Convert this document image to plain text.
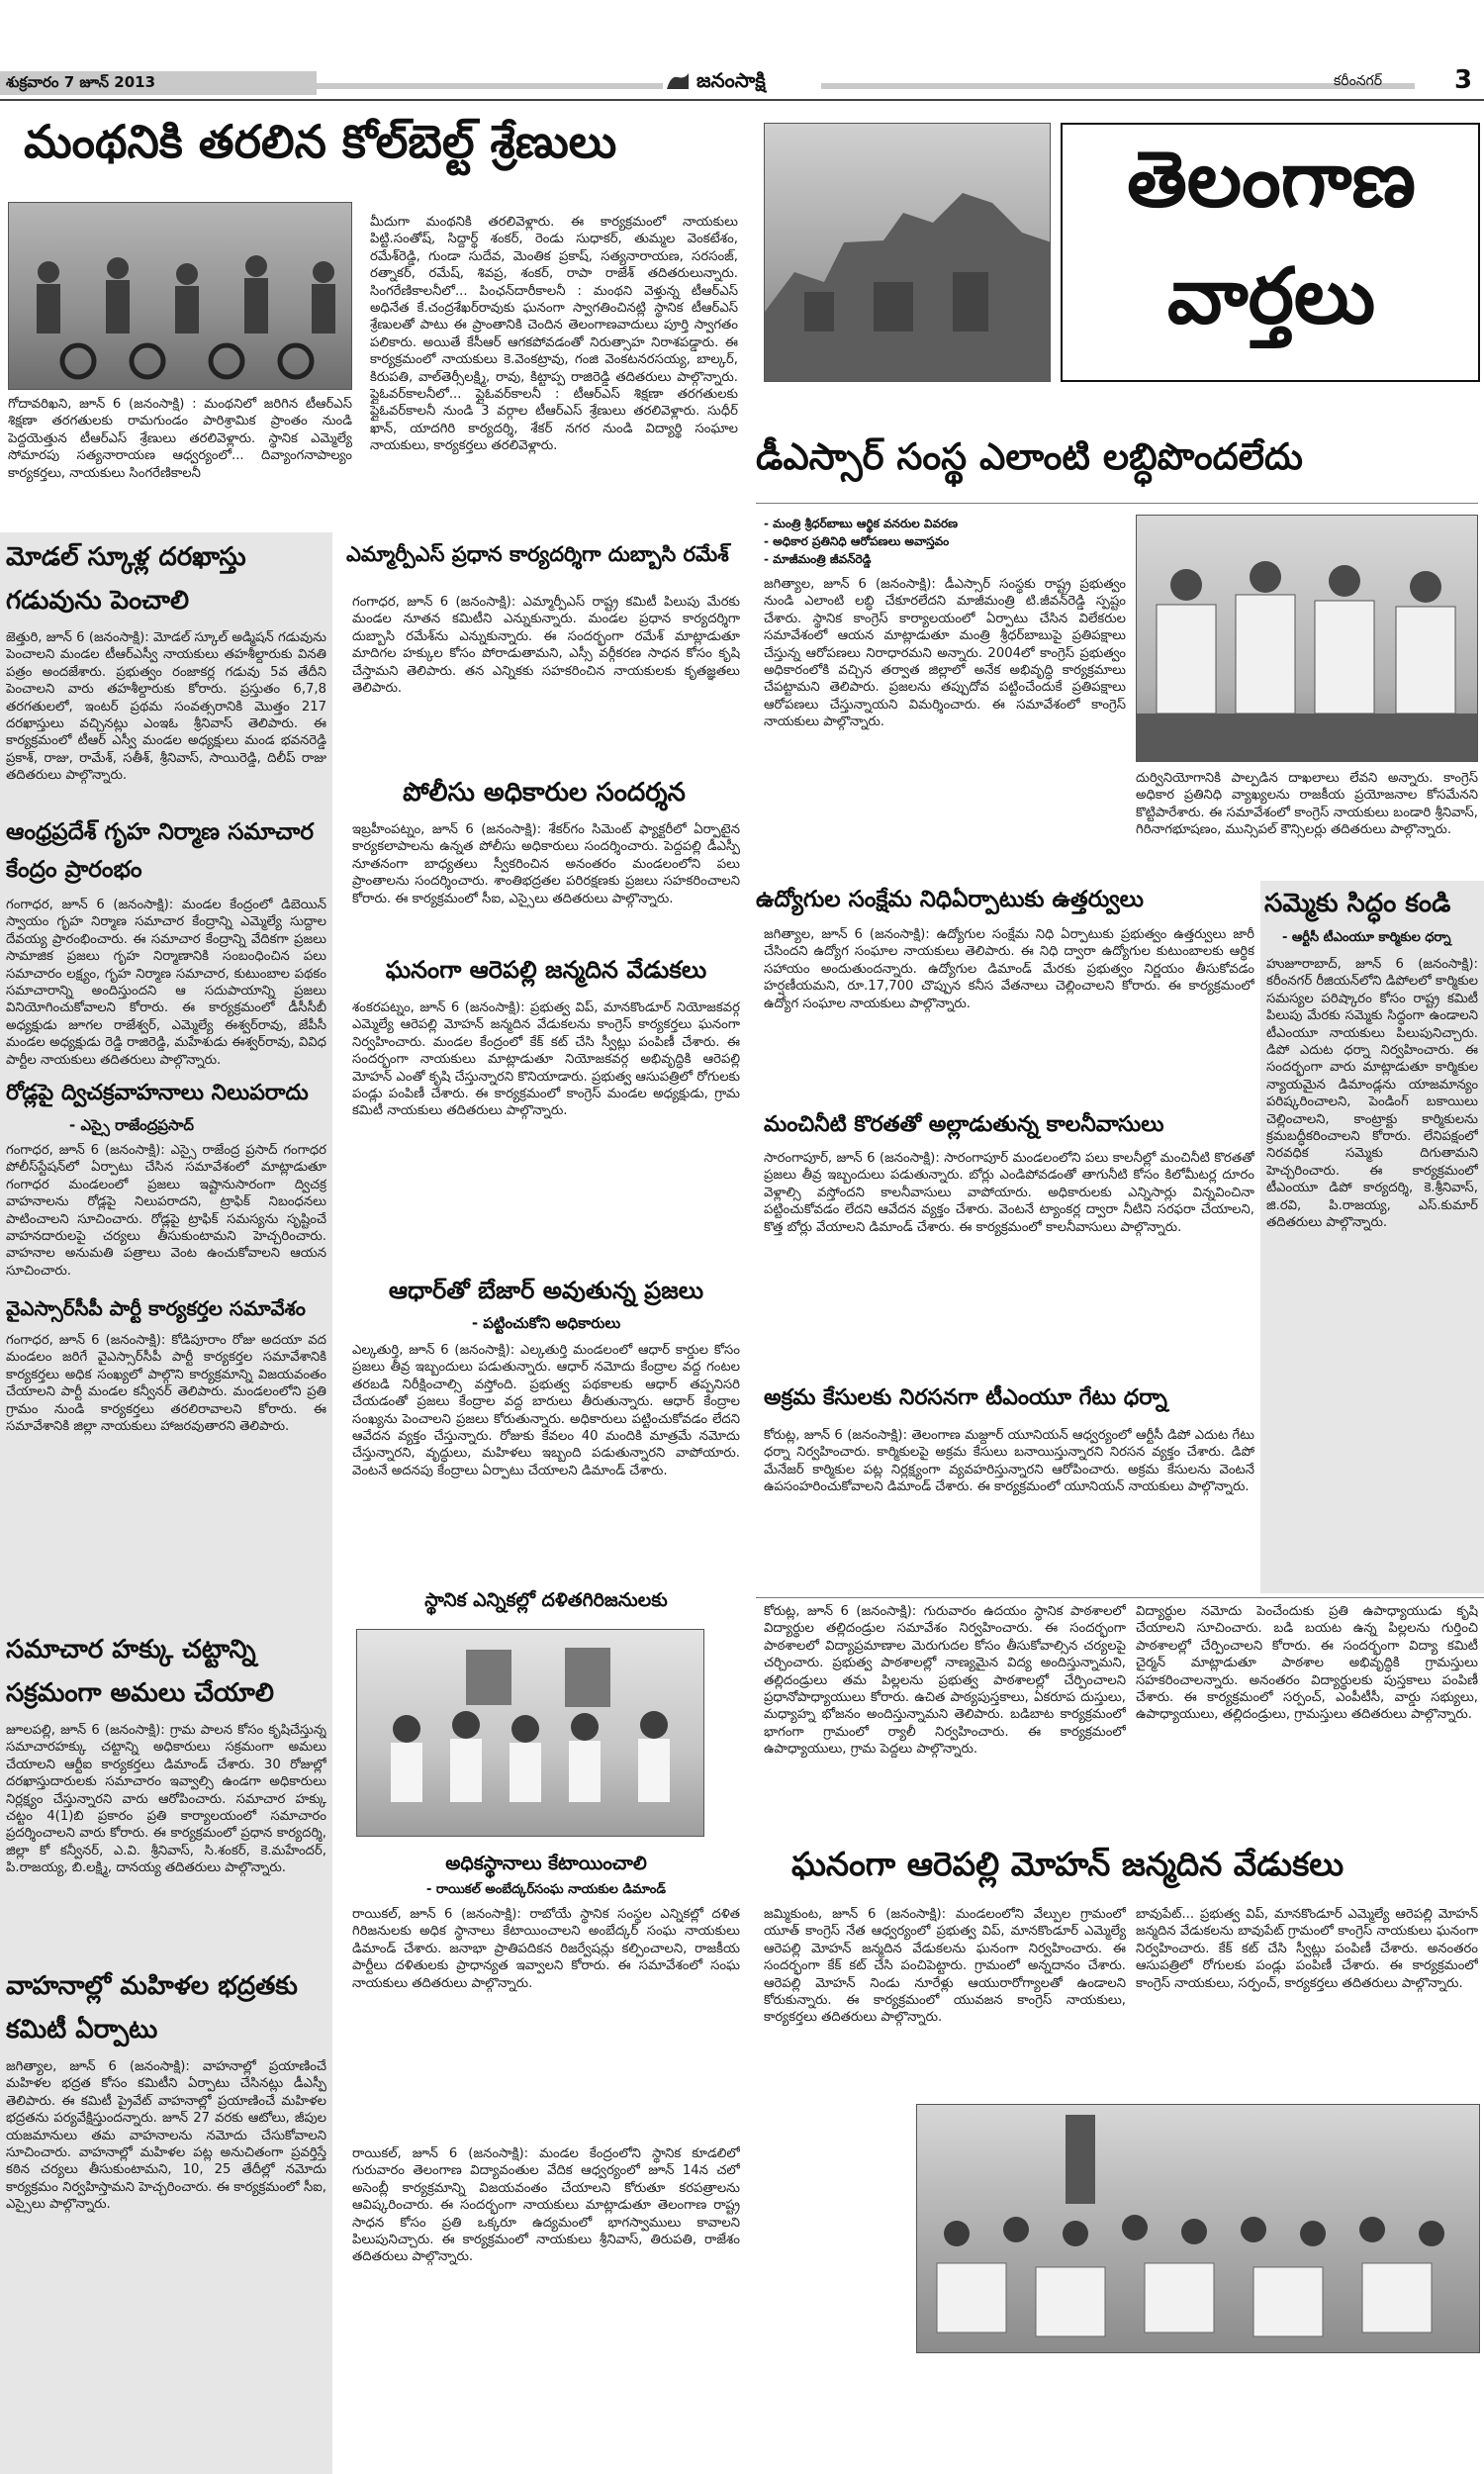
శుక్రవారం 7 జూన్ 2013	జనంసాక్షి	కరీంనగర్	3
మంథనికి తరలిన కోల్‌బెల్ట్‌ శ్రేణులు
గోదావరిఖని, జూన్‌ 6 (జనంసాక్షి) : మంథనిలో జరిగిన టీఆర్‌ఎస్‌ శిక్షణా తరగతులకు రామగుండం పారిశ్రామిక ప్రాంతం నుండి పెద్దయెత్తున టీఆర్‌ఎస్‌ శ్రేణులు తరలివెళ్లారు. స్థానిక ఎమ్మెల్యే సోమారపు సత్యనారాయణ ఆధ్వర్యంలో... దివ్యాంగనాపాల్యం కార్యకర్తలు, నాయకులు సింగరేణికాలనీ
మీదుగా మంథనికి తరలివెళ్లారు. ఈ కార్యక్రమంలో నాయకులు పిట్టి.సంతోష్‌, సిద్దార్థ్‌ శంకర్‌, రెండు సుధాకర్‌, తుమ్మల వెంకటేశం, రమేశ్‌రెడ్డి, గుండా సుదేవ, మెంతిక ప్రకాష్‌, సత్యనారాయణ, సరసంజ్‌, రత్నాకర్‌, రమేష్‌, శివప్ర, శంకర్‌, రాపా రాజేశ్‌ తదితరులున్నారు. సింగరేణికాలనీలో... పింఛన్‌దారీకాలనీ : మంథని వెళ్తున్న టీఆర్‌ఎస్‌ అధినేత కే.చంద్రశేఖర్‌రావుకు ఘనంగా స్వాగతించినట్లి స్థానిక టీఆర్‌ఎస్‌ శ్రేణులతో పాటు ఈ ప్రాంతానికి చెందిన తెలంగాణవాదులు పూర్తి స్వాగతం పలికారు. అయితే కేసీఆర్‌ ఆగకపోవడంతో నిరుత్సాహ నిరాశపడ్డారు. ఈ కార్యక్రమంలో నాయకులు కె.వెంకట్రావు, గంజి వెంకటనరసయ్య, బాల్కర్‌, కిరుపతి, వాల్‌తెర్సీలక్ష్మి, రావు, కిట్టాప్ప రాజిరెడ్డి తదితరులు పాల్గొన్నారు. ప్లైఓవర్‌కాలనీలో... ప్లైఓవర్‌కాలనీ : టీఆర్‌ఎస్‌ శిక్షణా తరగతులకు ప్లైఓవర్‌కాలనీ నుండి 3 వర్గాల టీఆర్‌ఎస్‌ శ్రేణులు తరలివెళ్లారు. సుధీర్‌ ఖాన్‌, యాదగిరి కార్యదర్శి, శేకర్‌ నగర నుండి విద్యార్థి సంఘాల నాయకులు, కార్యకర్తలు తరలివెళ్లారు.
తెలంగాణ
వార్తలు
డీఎస్సార్‌ సంస్థ ఎలాంటి లబ్ధిపొందలేదు
- మంత్రి శ్రీధర్‌బాబు ఆర్థిక వనరుల వివరణ
- అధికార ప్రతినిధి ఆరోపణలు అవాస్తవం
- మాజీమంత్రి జీవన్‌రెడ్డి
జగిత్యాల, జూన్‌ 6 (జనంసాక్షి): డీఎస్సార్‌ సంస్థకు రాష్ట్ర ప్రభుత్వం నుండి ఎలాంటి లబ్ధి చేకూరలేదని మాజీమంత్రి టి.జీవన్‌రెడ్డి స్పష్టం చేశారు. స్థానిక కాంగ్రెస్‌ కార్యాలయంలో ఏర్పాటు చేసిన విలేకరుల సమావేశంలో ఆయన మాట్లాడుతూ మంత్రి శ్రీధర్‌బాబుపై ప్రతిపక్షాలు చేస్తున్న ఆరోపణలు నిరాధారమని అన్నారు. 2004లో కాంగ్రెస్‌ ప్రభుత్వం అధికారంలోకి వచ్చిన తర్వాత జిల్లాలో అనేక అభివృద్ధి కార్యక్రమాలు చేపట్టామని తెలిపారు. ప్రజలను తప్పుదోవ పట్టించేందుకే ప్రతిపక్షాలు ఆరోపణలు చేస్తున్నాయని విమర్శించారు. ఈ సమావేశంలో కాంగ్రెస్‌ నాయకులు పాల్గొన్నారు.
దుర్వినియోగానికి పాల్పడిన దాఖలాలు లేవని అన్నారు. కాంగ్రెస్‌ అధికార ప్రతినిధి వ్యాఖ్యలను రాజకీయ ప్రయోజనాల కోసమేనని కొట్టిపారేశారు. ఈ సమావేశంలో కాంగ్రెస్‌ నాయకులు బండారి శ్రీనివాస్‌, గిరినాగభూషణం, మున్సిపల్‌ కౌన్సిలర్లు తదితరులు పాల్గొన్నారు.
మోడల్‌ స్కూళ్ల దరఖాస్తు
గడువును పెంచాలి
జెత్తురి, జూన్‌ 6 (జనంసాక్షి): మోడల్‌ స్కూల్‌ అడ్మిషన్‌ గడువును పెంచాలని మండల టీఆర్‌ఎస్వీ నాయకులు తహశీల్దారుకు వినతి పత్రం అందజేశారు. ప్రభుత్వం రంజాకర్ల గడువు 5వ తేదీని పెంచాలని వారు తహశీల్దారుకు కోరారు. ప్రస్తుతం 6,7,8 తరగతులలో, ఇంటర్‌ ప్రథమ సంవత్సరానికి మొత్తం 217 దరఖాస్తులు వచ్చినట్లు ఎంఇఓ శ్రీనివాస్‌ తెలిపారు. ఈ కార్యక్రమంలో టీఆర్‌ ఎస్వీ మండల అధ్యక్షులు మండ భవనరెడ్డి ప్రకాశ్‌, రాజు, రామేశ్‌, సతీశ్‌, శ్రీనివాస్‌, సాయిరెడ్డి, దిలీప్‌ రాజు తదితరులు పాల్గొన్నారు.
ఆంధ్రప్రదేశ్‌ గృహ నిర్మాణ సమాచార
కేంద్రం ప్రారంభం
గంగాధర, జూన్‌ 6 (జనంసాక్షి): మండల కేంద్రంలో డిబెయిన్‌ స్వాయం గృహ నిర్మాణ సమాచార కేంద్రాన్ని ఎమ్మెల్యే సుద్దాల దేవయ్య ప్రారంభించారు. ఈ సమాచార కేంద్రాన్ని వేదికగా ప్రజలు సామాజిక ప్రజలు గృహ నిర్మాణానికి సంబంధించిన పలు సమాచారం లక్ష్యం, గృహ నిర్మాణ సమాచార, కుటుంబాల పథకం సమాచారాన్ని అందిస్తుందని ఆ సదుపాయాన్ని ప్రజలు వినియోగించుకోవాలని కోరారు. ఈ కార్యక్రమంలో డీసీసీబీ అధ్యక్షుడు జూగల రాజేశ్వర్‌, ఎమ్మెల్యే ఈశ్వర్‌రావు, జేపీసీ మండల అధ్యక్షుడు రెడ్డి రాజిరెడ్డి, మహేశుడు ఈశ్వర్‌రావు, వివిధ పార్టీల నాయకులు తదితరులు పాల్గొన్నారు.
రోడ్లపై ద్విచక్రవాహనాలు నిలుపరాదు
- ఎస్సై రాజేంద్రప్రసాద్‌
గంగాధర, జూన్‌ 6 (జనంసాక్షి): ఎస్సై రాజేంద్ర ప్రసాద్‌ గంగాధర పోలీస్‌స్టేషన్‌లో ఏర్పాటు చేసిన సమావేశంలో మాట్లాడుతూ గంగాధర మండలంలో ప్రజలు ఇష్టానుసారంగా ద్విచక్ర వాహనాలను రోడ్లపై నిలుపరాదని, ట్రాఫిక్‌ నిబంధనలు పాటించాలని సూచించారు. రోడ్లపై ట్రాఫిక్‌ సమస్యను సృష్టించే వాహనదారులపై చర్యలు తీసుకుంటామని హెచ్చరించారు. వాహనాల అనుమతి పత్రాలు వెంట ఉంచుకోవాలని ఆయన సూచించారు.
వైఎస్సార్‌సీపీ పార్టీ కార్యకర్తల సమావేశం
గంగాధర, జూన్‌ 6 (జనంసాక్షి): కోడిపూరాం రోజు అదయా వద మండలం జరిగే వైఎస్సార్‌సీపీ పార్టీ కార్యకర్తల సమావేశానికి కార్యకర్తలు అధిక సంఖ్యలో పాల్గొని కార్యక్రమాన్ని విజయవంతం చేయాలని పార్టీ మండల కన్వీనర్‌ తెలిపారు. మండలంలోని ప్రతి గ్రామం నుండి కార్యకర్తలు తరలిరావాలని కోరారు. ఈ సమావేశానికి జిల్లా నాయకులు హాజరవుతారని తెలిపారు.
సమాచార హక్కు చట్టాన్ని
సక్రమంగా అమలు చేయాలి
జూలపల్లి, జూన్‌ 6 (జనంసాక్షి): గ్రామ పాలన కోసం కృషిచేస్తున్న సమాచారహక్కు చట్టాన్ని అధికారులు సక్రమంగా అమలు చేయాలని ఆర్టీఐ కార్యకర్తలు డిమాండ్‌ చేశారు. 30 రోజుల్లో దరఖాస్తుదారులకు సమాచారం ఇవ్వాల్సి ఉండగా అధికారులు నిర్లక్ష్యం చేస్తున్నారని వారు ఆరోపించారు. సమాచార హక్కు చట్టం 4(1)బి ప్రకారం ప్రతి కార్యాలయంలో సమాచారం ప్రదర్శించాలని వారు కోరారు. ఈ కార్యక్రమంలో ప్రధాన కార్యదర్శి, జిల్లా కో కన్వీనర్‌, ఎ.వి. శ్రీనివాస్‌, సి.శంకర్‌, కె.మహేందర్‌, పి.రాజయ్య, బి.లక్ష్మి, దానయ్య తదితరులు పాల్గొన్నారు.
వాహనాల్లో మహిళల భద్రతకు
కమిటీ ఏర్పాటు
జగిత్యాల, జూన్‌ 6 (జనంసాక్షి): వాహనాల్లో ప్రయాణించే మహిళల భద్రత కోసం కమిటీని ఏర్పాటు చేసినట్లు డీఎస్పీ తెలిపారు. ఈ కమిటీ ప్రైవేట్‌ వాహనాల్లో ప్రయాణించే మహిళల భద్రతను పర్యవేక్షిస్తుందన్నారు. జూన్‌ 27 వరకు ఆటోలు, జీపుల యజమానులు తమ వాహనాలను నమోదు చేసుకోవాలని సూచించారు. వాహనాల్లో మహిళల పట్ల అనుచితంగా ప్రవర్తిస్తే కఠిన చర్యలు తీసుకుంటామని, 10, 25 తేదీల్లో నమోదు కార్యక్రమం నిర్వహిస్తామని హెచ్చరించారు. ఈ కార్యక్రమంలో సీఐ, ఎస్సైలు పాల్గొన్నారు.
ఎమ్మార్పీఎస్‌ ప్రధాన కార్యదర్శిగా దుబ్బాసి రమేశ్‌
గంగాధర, జూన్‌ 6 (జనంసాక్షి): ఎమ్మార్పీఎస్‌ రాష్ట్ర కమిటీ పిలుపు మేరకు మండల నూతన కమిటీని ఎన్నుకున్నారు. మండల ప్రధాన కార్యదర్శిగా దుబ్బాసి రమేశ్‌ను ఎన్నుకున్నారు. ఈ సందర్భంగా రమేశ్‌ మాట్లాడుతూ మాదిగల హక్కుల కోసం పోరాడుతామని, ఎస్సీ వర్గీకరణ సాధన కోసం కృషి చేస్తామని తెలిపారు. తన ఎన్నికకు సహకరించిన నాయకులకు కృతజ్ఞతలు తెలిపారు.
పోలీసు అధికారుల సందర్శన
ఇబ్రహీంపట్నం, జూన్‌ 6 (జనంసాక్షి): శేకర్‌గం సిమెంట్‌ ఫ్యాక్టరీలో ఏర్పాటైన కార్యకలాపాలను ఉన్నత పోలీసు అధికారులు సందర్శించారు. పెద్దపల్లి డీఎస్పీ నూతనంగా బాధ్యతలు స్వీకరించిన అనంతరం మండలంలోని పలు ప్రాంతాలను సందర్శించారు. శాంతిభద్రతల పరిరక్షణకు ప్రజలు సహకరించాలని కోరారు. ఈ కార్యక్రమంలో సీఐ, ఎస్సైలు తదితరులు పాల్గొన్నారు.
ఘనంగా ఆరెపల్లి జన్మదిన వేడుకలు
శంకరపట్నం, జూన్‌ 6 (జనంసాక్షి): ప్రభుత్వ విప్‌, మానకొండూర్‌ నియోజకవర్గ ఎమ్మెల్యే ఆరెపల్లి మోహన్‌ జన్మదిన వేడుకలను కాంగ్రెస్‌ కార్యకర్తలు ఘనంగా నిర్వహించారు. మండల కేంద్రంలో కేక్‌ కట్‌ చేసి స్వీట్లు పంపిణీ చేశారు. ఈ సందర్భంగా నాయకులు మాట్లాడుతూ నియోజకవర్గ అభివృద్ధికి ఆరెపల్లి మోహన్‌ ఎంతో కృషి చేస్తున్నారని కొనియాడారు. ప్రభుత్వ ఆసుపత్రిలో రోగులకు పండ్లు పంపిణీ చేశారు. ఈ కార్యక్రమంలో కాంగ్రెస్‌ మండల అధ్యక్షుడు, గ్రామ కమిటీ నాయకులు తదితరులు పాల్గొన్నారు.
ఆధార్‌తో బేజార్‌ అవుతున్న ప్రజలు
- పట్టించుకోని అధికారులు
ఎల్కతుర్తి, జూన్‌ 6 (జనంసాక్షి): ఎల్కతుర్తి మండలంలో ఆధార్‌ కార్డుల కోసం ప్రజలు తీవ్ర ఇబ్బందులు పడుతున్నారు. ఆధార్‌ నమోదు కేంద్రాల వద్ద గంటల తరబడి నిరీక్షించాల్సి వస్తోంది. ప్రభుత్వ పథకాలకు ఆధార్‌ తప్పనిసరి చేయడంతో ప్రజలు కేంద్రాల వద్ద బారులు తీరుతున్నారు. ఆధార్‌ కేంద్రాల సంఖ్యను పెంచాలని ప్రజలు కోరుతున్నారు. అధికారులు పట్టించుకోవడం లేదని ఆవేదన వ్యక్తం చేస్తున్నారు. రోజుకు కేవలం 40 మందికి మాత్రమే నమోదు చేస్తున్నారని, వృద్ధులు, మహిళలు ఇబ్బంది పడుతున్నారని వాపోయారు. వెంటనే అదనపు కేంద్రాలు ఏర్పాటు చేయాలని డిమాండ్‌ చేశారు.
స్థానిక ఎన్నికల్లో దళితగిరిజనులకు
అధికస్థానాలు కేటాయించాలి
- రాయికల్‌ అంబేద్కర్‌సంఘ నాయకుల డిమాండ్‌
రాయికల్‌, జూన్‌ 6 (జనంసాక్షి): రాబోయే స్థానిక సంస్థల ఎన్నికల్లో దళిత గిరిజనులకు అధిక స్థానాలు కేటాయించాలని అంబేద్కర్‌ సంఘ నాయకులు డిమాండ్‌ చేశారు. జనాభా ప్రాతిపదికన రిజర్వేషన్లు కల్పించాలని, రాజకీయ పార్టీలు దళితులకు ప్రాధాన్యత ఇవ్వాలని కోరారు. ఈ సమావేశంలో సంఘ నాయకులు తదితరులు పాల్గొన్నారు.
రాయికల్‌, జూన్‌ 6 (జనంసాక్షి): మండల కేంద్రంలోని స్థానిక కూడలిలో గురువారం తెలంగాణ విద్యావంతుల వేదిక ఆధ్వర్యంలో జూన్‌ 14న చలో అసెంబ్లీ కార్యక్రమాన్ని విజయవంతం చేయాలని కోరుతూ కరపత్రాలను ఆవిష్కరించారు. ఈ సందర్భంగా నాయకులు మాట్లాడుతూ తెలంగాణ రాష్ట్ర సాధన కోసం ప్రతి ఒక్కరూ ఉద్యమంలో భాగస్వాములు కావాలని పిలుపునిచ్చారు. ఈ కార్యక్రమంలో నాయకులు శ్రీనివాస్‌, తిరుపతి, రాజేశం తదితరులు పాల్గొన్నారు.
ఉద్యోగుల సంక్షేమ నిధిఏర్పాటుకు ఉత్తర్వులు
జగిత్యాల, జూన్‌ 6 (జనంసాక్షి): ఉద్యోగుల సంక్షేమ నిధి ఏర్పాటుకు ప్రభుత్వం ఉత్తర్వులు జారీ చేసిందని ఉద్యోగ సంఘాల నాయకులు తెలిపారు. ఈ నిధి ద్వారా ఉద్యోగుల కుటుంబాలకు ఆర్థిక సహాయం అందుతుందన్నారు. ఉద్యోగుల డిమాండ్‌ మేరకు ప్రభుత్వం నిర్ణయం తీసుకోవడం హర్షణీయమని, రూ.17,700 చొప్పున కనీస వేతనాలు చెల్లించాలని కోరారు. ఈ కార్యక్రమంలో ఉద్యోగ సంఘాల నాయకులు పాల్గొన్నారు.
మంచినీటి కొరతతో అల్లాడుతున్న కాలనీవాసులు
సారంగాపూర్‌, జూన్‌ 6 (జనంసాక్షి): సారంగాపూర్‌ మండలంలోని పలు కాలనీల్లో మంచినీటి కొరతతో ప్రజలు తీవ్ర ఇబ్బందులు పడుతున్నారు. బోర్లు ఎండిపోవడంతో తాగునీటి కోసం కిలోమీటర్ల దూరం వెళ్లాల్సి వస్తోందని కాలనీవాసులు వాపోయారు. అధికారులకు ఎన్నిసార్లు విన్నవించినా పట్టించుకోవడం లేదని ఆవేదన వ్యక్తం చేశారు. వెంటనే ట్యాంకర్ల ద్వారా నీటిని సరఫరా చేయాలని, కొత్త బోర్లు వేయాలని డిమాండ్‌ చేశారు. ఈ కార్యక్రమంలో కాలనీవాసులు పాల్గొన్నారు.
అక్రమ కేసులకు నిరసనగా టీఎంయూ గేటు ధర్నా
కోరుట్ల, జూన్‌ 6 (జనంసాక్షి): తెలంగాణ మజ్దూర్‌ యూనియన్‌ ఆధ్వర్యంలో ఆర్టీసీ డిపో ఎదుట గేటు ధర్నా నిర్వహించారు. కార్మికులపై అక్రమ కేసులు బనాయిస్తున్నారని నిరసన వ్యక్తం చేశారు. డిపో మేనేజర్‌ కార్మికుల పట్ల నిర్లక్ష్యంగా వ్యవహరిస్తున్నారని ఆరోపించారు. అక్రమ కేసులను వెంటనే ఉపసంహరించుకోవాలని డిమాండ్‌ చేశారు. ఈ కార్యక్రమంలో యూనియన్‌ నాయకులు పాల్గొన్నారు.
సమ్మెకు సిద్ధం కండి
- ఆర్టీసీ టీఎంయూ కార్మికుల ధర్నా
హుజూరాబాద్‌, జూన్‌ 6 (జనంసాక్షి): కరీంనగర్‌ రీజియన్‌లోని డిపోలలో కార్మికుల సమస్యల పరిష్కారం కోసం రాష్ట్ర కమిటీ పిలుపు మేరకు సమ్మెకు సిద్ధంగా ఉండాలని టీఎంయూ నాయకులు పిలుపునిచ్చారు. డిపో ఎదుట ధర్నా నిర్వహించారు. ఈ సందర్భంగా వారు మాట్లాడుతూ కార్మికుల న్యాయమైన డిమాండ్లను యాజమాన్యం పరిష్కరించాలని, పెండింగ్‌ బకాయిలు చెల్లించాలని, కాంట్రాక్టు కార్మికులను క్రమబద్ధీకరించాలని కోరారు. లేనిపక్షంలో నిరవధిక సమ్మెకు దిగుతామని హెచ్చరించారు. ఈ కార్యక్రమంలో టీఎంయూ డిపో కార్యదర్శి, కె.శ్రీనివాస్‌, జి.రవి, పి.రాజయ్య, ఎస్‌.కుమార్‌ తదితరులు పాల్గొన్నారు.
కోరుట్ల, జూన్‌ 6 (జనంసాక్షి): గురువారం ఉదయం స్థానిక పాఠశాలలో విద్యార్థుల తల్లిదండ్రుల సమావేశం నిర్వహించారు. ఈ సందర్భంగా పాఠశాలలో విద్యాప్రమాణాల మెరుగుదల కోసం తీసుకోవాల్సిన చర్యలపై చర్చించారు. ప్రభుత్వ పాఠశాలల్లో నాణ్యమైన విద్య అందిస్తున్నామని, తల్లిదండ్రులు తమ పిల్లలను ప్రభుత్వ పాఠశాలల్లో చేర్పించాలని ప్రధానోపాధ్యాయులు కోరారు. ఉచిత పాఠ్యపుస్తకాలు, ఏకరూప దుస్తులు, మధ్యాహ్న భోజనం అందిస్తున్నామని తెలిపారు. బడిబాట కార్యక్రమంలో భాగంగా గ్రామంలో ర్యాలీ నిర్వహించారు. ఈ కార్యక్రమంలో ఉపాధ్యాయులు, గ్రామ పెద్దలు పాల్గొన్నారు.
విద్యార్థుల నమోదు పెంచేందుకు ప్రతి ఉపాధ్యాయుడు కృషి చేయాలని సూచించారు. బడి బయట ఉన్న పిల్లలను గుర్తించి పాఠశాలల్లో చేర్పించాలని కోరారు. ఈ సందర్భంగా విద్యా కమిటీ చైర్మన్‌ మాట్లాడుతూ పాఠశాల అభివృద్ధికి గ్రామస్తులు సహకరించాలన్నారు. అనంతరం విద్యార్థులకు పుస్తకాలు పంపిణీ చేశారు. ఈ కార్యక్రమంలో సర్పంచ్‌, ఎంపీటీసీ, వార్డు సభ్యులు, ఉపాధ్యాయులు, తల్లిదండ్రులు, గ్రామస్తులు తదితరులు పాల్గొన్నారు.
ఘనంగా ఆరెపల్లి మోహన్‌ జన్మదిన వేడుకలు
జమ్మికుంట, జూన్‌ 6 (జనంసాక్షి): మండలంలోని వేల్పుల గ్రామంలో యూత్‌ కాంగ్రెస్‌ నేత ఆధ్వర్యంలో ప్రభుత్వ విప్‌, మానకొండూర్‌ ఎమ్మెల్యే ఆరెపల్లి మోహన్‌ జన్మదిన వేడుకలను ఘనంగా నిర్వహించారు. ఈ సందర్భంగా కేక్‌ కట్‌ చేసి పంచిపెట్టారు. గ్రామంలో అన్నదానం చేశారు. ఆరెపల్లి మోహన్‌ నిండు నూరేళ్లు ఆయురారోగ్యాలతో ఉండాలని కోరుకున్నారు. ఈ కార్యక్రమంలో యువజన కాంగ్రెస్‌ నాయకులు, కార్యకర్తలు తదితరులు పాల్గొన్నారు.
బావుపేట్‌... ప్రభుత్వ విప్‌, మానకొండూర్‌ ఎమ్మెల్యే ఆరెపల్లి మోహన్‌ జన్మదిన వేడుకలను బావుపేట్‌ గ్రామంలో కాంగ్రెస్‌ నాయకులు ఘనంగా నిర్వహించారు. కేక్‌ కట్‌ చేసి స్వీట్లు పంపిణీ చేశారు. అనంతరం ఆసుపత్రిలో రోగులకు పండ్లు పంపిణీ చేశారు. ఈ కార్యక్రమంలో కాంగ్రెస్‌ నాయకులు, సర్పంచ్‌, కార్యకర్తలు తదితరులు పాల్గొన్నారు.
